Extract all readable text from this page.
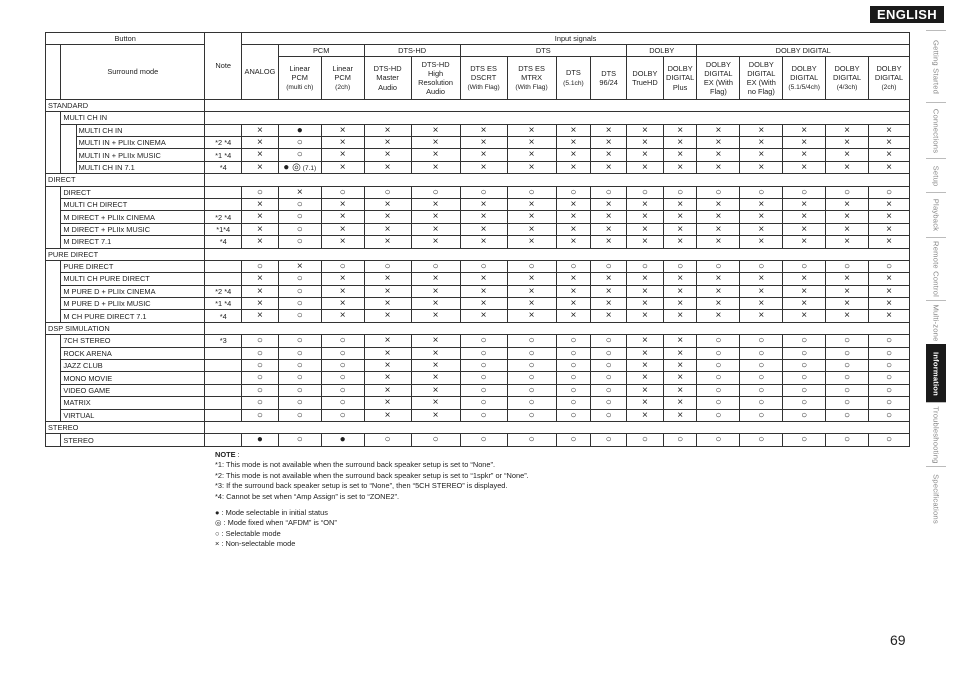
ENGLISH
Getting Started
Connections
Setup
Playback
Remote Control
Multi-zone
Information
Troubleshooting
Specifications
Button			Note	Input signals															
	Surround mode			ANALOG	PCM		DTS-HD		DTS				DOLBY		DOLBY DIGITAL				
					Linear
PCM
(multi ch)	Linear
PCM
(2ch)	DTS-HD
Master
Audio	DTS-HD
High
Resolution
Audio	DTS ES
DSCRT
(With Flag)	DTS ES
MTRX
(With Flag)	DTS
(5.1ch)	DTS
96/24	DOLBY
TrueHD	DOLBY
DIGITAL
Plus	DOLBY
DIGITAL
EX (With
Flag)	DOLBY
DIGITAL
EX (With
no Flag)	DOLBY
DIGITAL
(5.1/5/4ch)	DOLBY
DIGITAL
(4/3ch)	DOLBY
DIGITAL
(2ch)
STANDARD																			
	MULTI CH IN																		
		MULTI CH IN		×	●	×	×	×	×	×	×	×	×	×	×	×	×	×	×
		MULTI IN + PLIIx CINEMA	*2 *4	×	○	×	×	×	×	×	×	×	×	×	×	×	×	×	×
		MULTI IN + PLIIx MUSIC	*1 *4	×	○	×	×	×	×	×	×	×	×	×	×	×	×	×	×
		MULTI CH IN 7.1	*4	×	● ◎ (7.1)	×	×	×	×	×	×	×	×	×	×	×	×	×	×
DIRECT																			
	DIRECT			○	×	○	○	○	○	○	○	○	○	○	○	○	○	○	○
	MULTI CH DIRECT			×	○	×	×	×	×	×	×	×	×	×	×	×	×	×	×
	M DIRECT + PLIIx CINEMA		*2 *4	×	○	×	×	×	×	×	×	×	×	×	×	×	×	×	×
	M DIRECT + PLIIx MUSIC		*1*4	×	○	×	×	×	×	×	×	×	×	×	×	×	×	×	×
	M DIRECT 7.1		*4	×	○	×	×	×	×	×	×	×	×	×	×	×	×	×	×
PURE DIRECT																			
	PURE DIRECT			○	×	○	○	○	○	○	○	○	○	○	○	○	○	○	○
	MULTI CH PURE DIRECT			×	○	×	×	×	×	×	×	×	×	×	×	×	×	×	×
	M PURE D + PLIIx CINEMA		*2 *4	×	○	×	×	×	×	×	×	×	×	×	×	×	×	×	×
	M PURE D + PLIIx MUSIC		*1 *4	×	○	×	×	×	×	×	×	×	×	×	×	×	×	×	×
	M CH PURE DIRECT 7.1		*4	×	○	×	×	×	×	×	×	×	×	×	×	×	×	×	×
DSP SIMULATION																			
	7CH STEREO		*3	○	○	○	×	×	○	○	○	○	×	×	○	○	○	○	○
	ROCK ARENA			○	○	○	×	×	○	○	○	○	×	×	○	○	○	○	○
	JAZZ CLUB			○	○	○	×	×	○	○	○	○	×	×	○	○	○	○	○
	MONO MOVIE			○	○	○	×	×	○	○	○	○	×	×	○	○	○	○	○
	VIDEO GAME			○	○	○	×	×	○	○	○	○	×	×	○	○	○	○	○
	MATRIX			○	○	○	×	×	○	○	○	○	×	×	○	○	○	○	○
	VIRTUAL			○	○	○	×	×	○	○	○	○	×	×	○	○	○	○	○
STEREO																			
	STEREO			●	○	●	○	○	○	○	○	○	○	○	○	○	○	○	○
NOTE :
*1: This mode is not available when the surround back speaker setup is set to “None”.
*2: This mode is not available when the surround back speaker setup is set to “1spkr” or “None”.
*3: If the surround back speaker setup is set to “None”, then “5CH STEREO” is displayed.
*4: Cannot be set when “Amp Assign” is set to “ZONE2”.
● : Mode selectable in initial status
◎ : Mode fixed when “AFDM” is “ON”
○ : Selectable mode
× : Non-selectable mode
69
